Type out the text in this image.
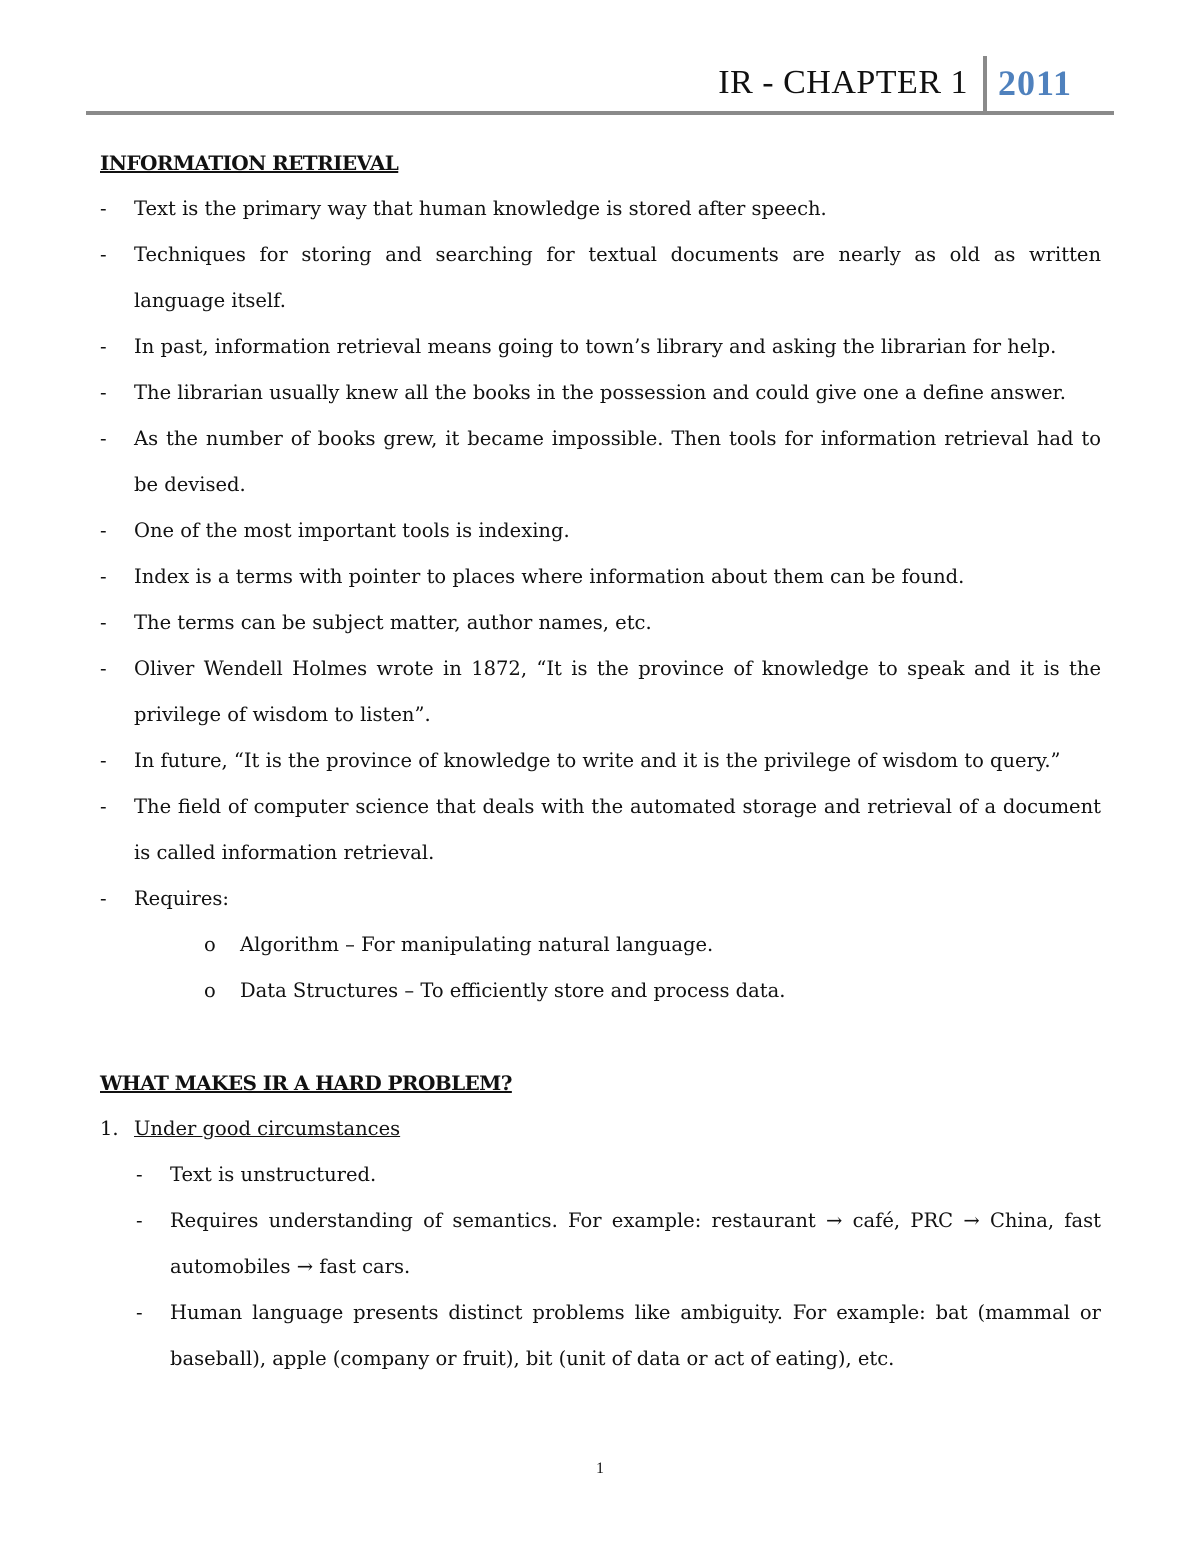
IR - CHAPTER 1 2011
INFORMATION RETRIEVAL
- Text is the primary way that human knowledge is stored after speech.
- Techniques for storing and searching for textual documents are nearly as old as written language itself.
- In past, information retrieval means going to town’s library and asking the librarian for help.
- The librarian usually knew all the books in the possession and could give one a define answer.
- As the number of books grew, it became impossible. Then tools for information retrieval had to be devised.
- One of the most important tools is indexing.
- Index is a terms with pointer to places where information about them can be found.
- The terms can be subject matter, author names, etc.
- Oliver Wendell Holmes wrote in 1872, “It is the province of knowledge to speak and it is the privilege of wisdom to listen”.
- In future, “It is the province of knowledge to write and it is the privilege of wisdom to query.”
- The field of computer science that deals with the automated storage and retrieval of a document is called information retrieval.
- Requires:
o Algorithm – For manipulating natural language.
o Data Structures – To efficiently store and process data.
WHAT MAKES IR A HARD PROBLEM?
1. Under good circumstances
- Text is unstructured.
- Requires understanding of semantics. For example: restaurant → café, PRC → China, fast automobiles → fast cars.
- Human language presents distinct problems like ambiguity. For example: bat (mammal or baseball), apple (company or fruit), bit (unit of data or act of eating), etc.
1
